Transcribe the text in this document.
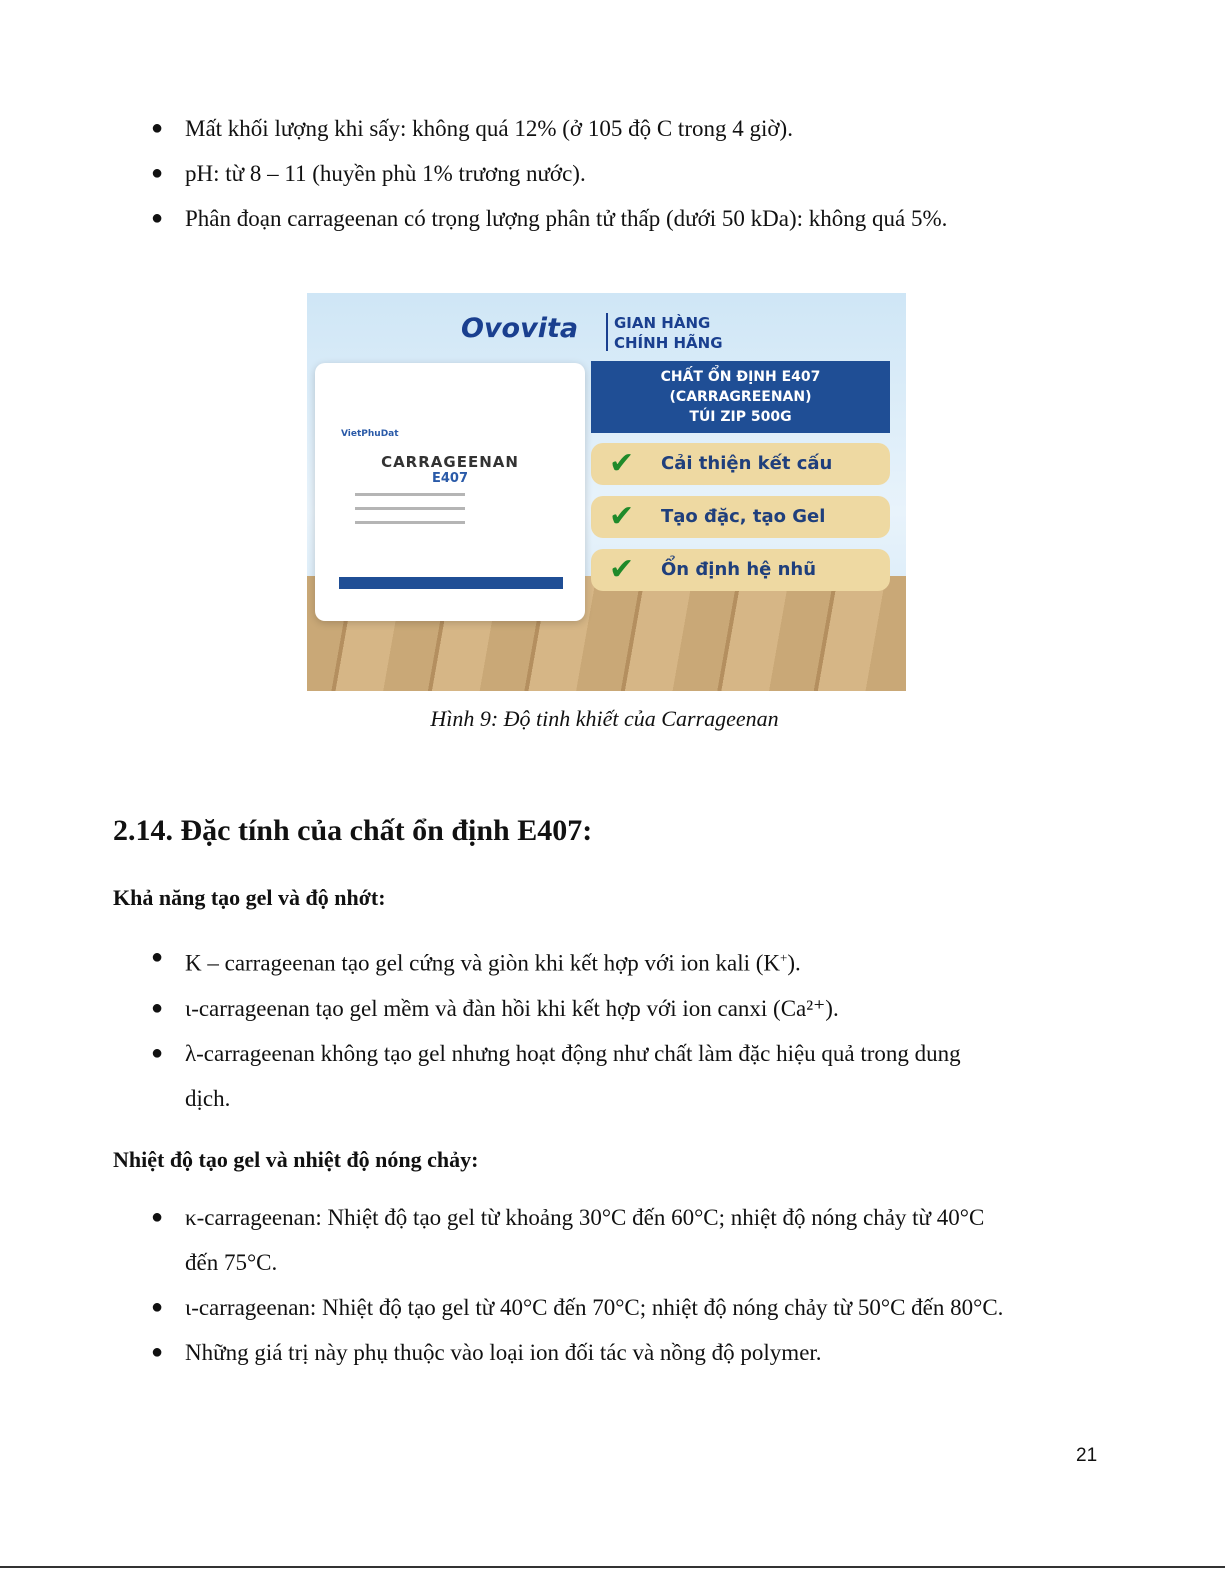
● Mất khối lượng khi sấy: không quá 12% (ở 105 độ C trong 4 giờ).
● pH: từ 8 – 11 (huyền phù 1% trương nước).
● Phân đoạn carrageenan có trọng lượng phân tử thấp (dưới 50 kDa): không quá 5%.
Ovovita GIAN HÀNG
CHÍNH HÃNG
CHẤT ỔN ĐỊNH E407
(CARRAGREENAN)
TÚI ZIP 500G
✔ Cải thiện kết cấu
✔ Tạo đặc, tạo Gel
✔ Ổn định hệ nhũ
VietPhuDat
CARRAGEENAN
E407
Hình 9: Độ tinh khiết của Carrageenan
2.14. Đặc tính của chất ổn định E407:
Khả năng tạo gel và độ nhớt:
● K – carrageenan tạo gel cứng và giòn khi kết hợp với ion kali (K+).
● ι-carrageenan tạo gel mềm và đàn hồi khi kết hợp với ion canxi (Ca²⁺).
● λ-carrageenan không tạo gel nhưng hoạt động như chất làm đặc hiệu quả trong dung
dịch.
Nhiệt độ tạo gel và nhiệt độ nóng chảy:
● κ-carrageenan: Nhiệt độ tạo gel từ khoảng 30°C đến 60°C; nhiệt độ nóng chảy từ 40°C
đến 75°C.
● ι-carrageenan: Nhiệt độ tạo gel từ 40°C đến 70°C; nhiệt độ nóng chảy từ 50°C đến 80°C.
● Những giá trị này phụ thuộc vào loại ion đối tác và nồng độ polymer.
21
